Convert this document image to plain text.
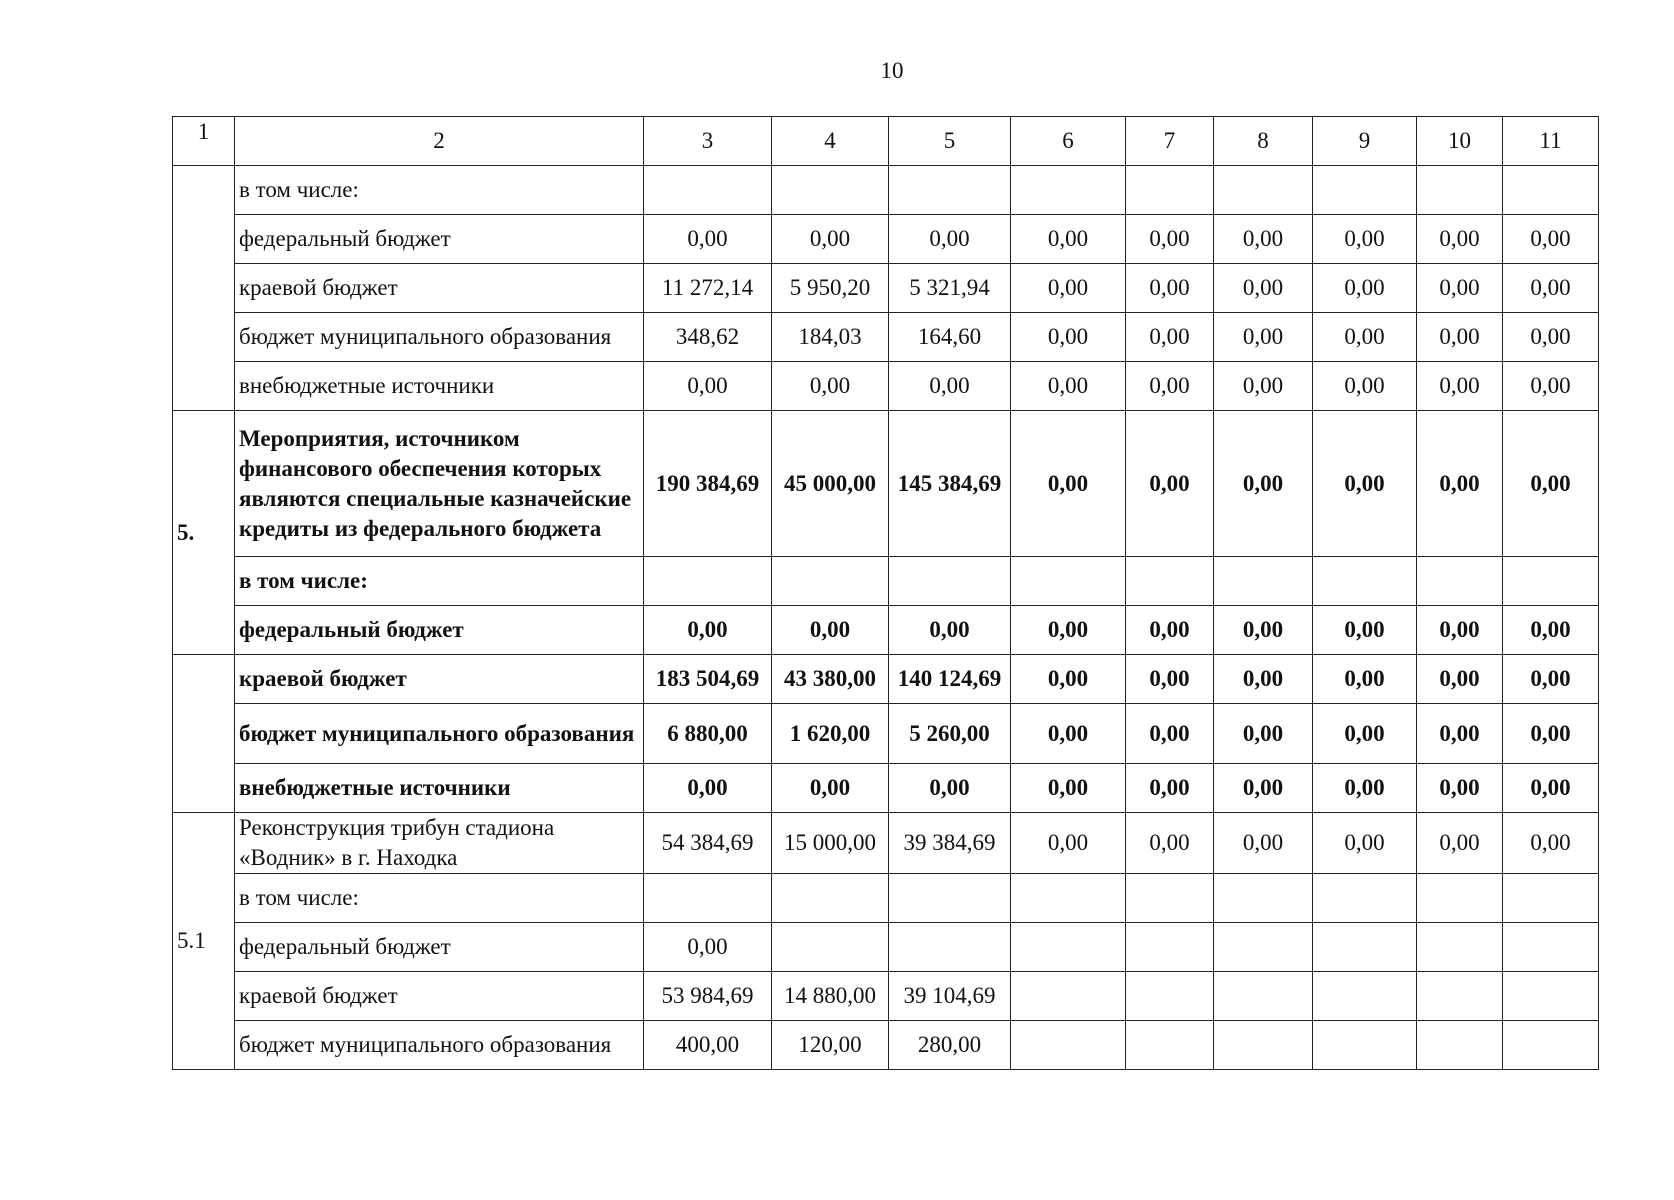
10
1	2	3	4	5	6	7	8	9	10	11
	в том числе:									
	федеральный бюджет	0,00	0,00	0,00	0,00	0,00	0,00	0,00	0,00	0,00
	краевой бюджет	11 272,14	5 950,20	5 321,94	0,00	0,00	0,00	0,00	0,00	0,00
	бюджет муниципального образования	348,62	184,03	164,60	0,00	0,00	0,00	0,00	0,00	0,00
	внебюджетные источники	0,00	0,00	0,00	0,00	0,00	0,00	0,00	0,00	0,00
5.	Мероприятия, источником финансового обеспечения которых являются специальные казначейские кредиты из федерального бюджета	190 384,69	45 000,00	145 384,69	0,00	0,00	0,00	0,00	0,00	0,00
	в том числе:									
	федеральный бюджет	0,00	0,00	0,00	0,00	0,00	0,00	0,00	0,00	0,00
	краевой бюджет	183 504,69	43 380,00	140 124,69	0,00	0,00	0,00	0,00	0,00	0,00
	бюджет муниципального образования	6 880,00	1 620,00	5 260,00	0,00	0,00	0,00	0,00	0,00	0,00
	внебюджетные источники	0,00	0,00	0,00	0,00	0,00	0,00	0,00	0,00	0,00
5.1	Реконструкция трибун стадиона «Водник» в г. Находка	54 384,69	15 000,00	39 384,69	0,00	0,00	0,00	0,00	0,00	0,00
	в том числе:									
	федеральный бюджет	0,00								
	краевой бюджет	53 984,69	14 880,00	39 104,69						
	бюджет муниципального образования	400,00	120,00	280,00						
